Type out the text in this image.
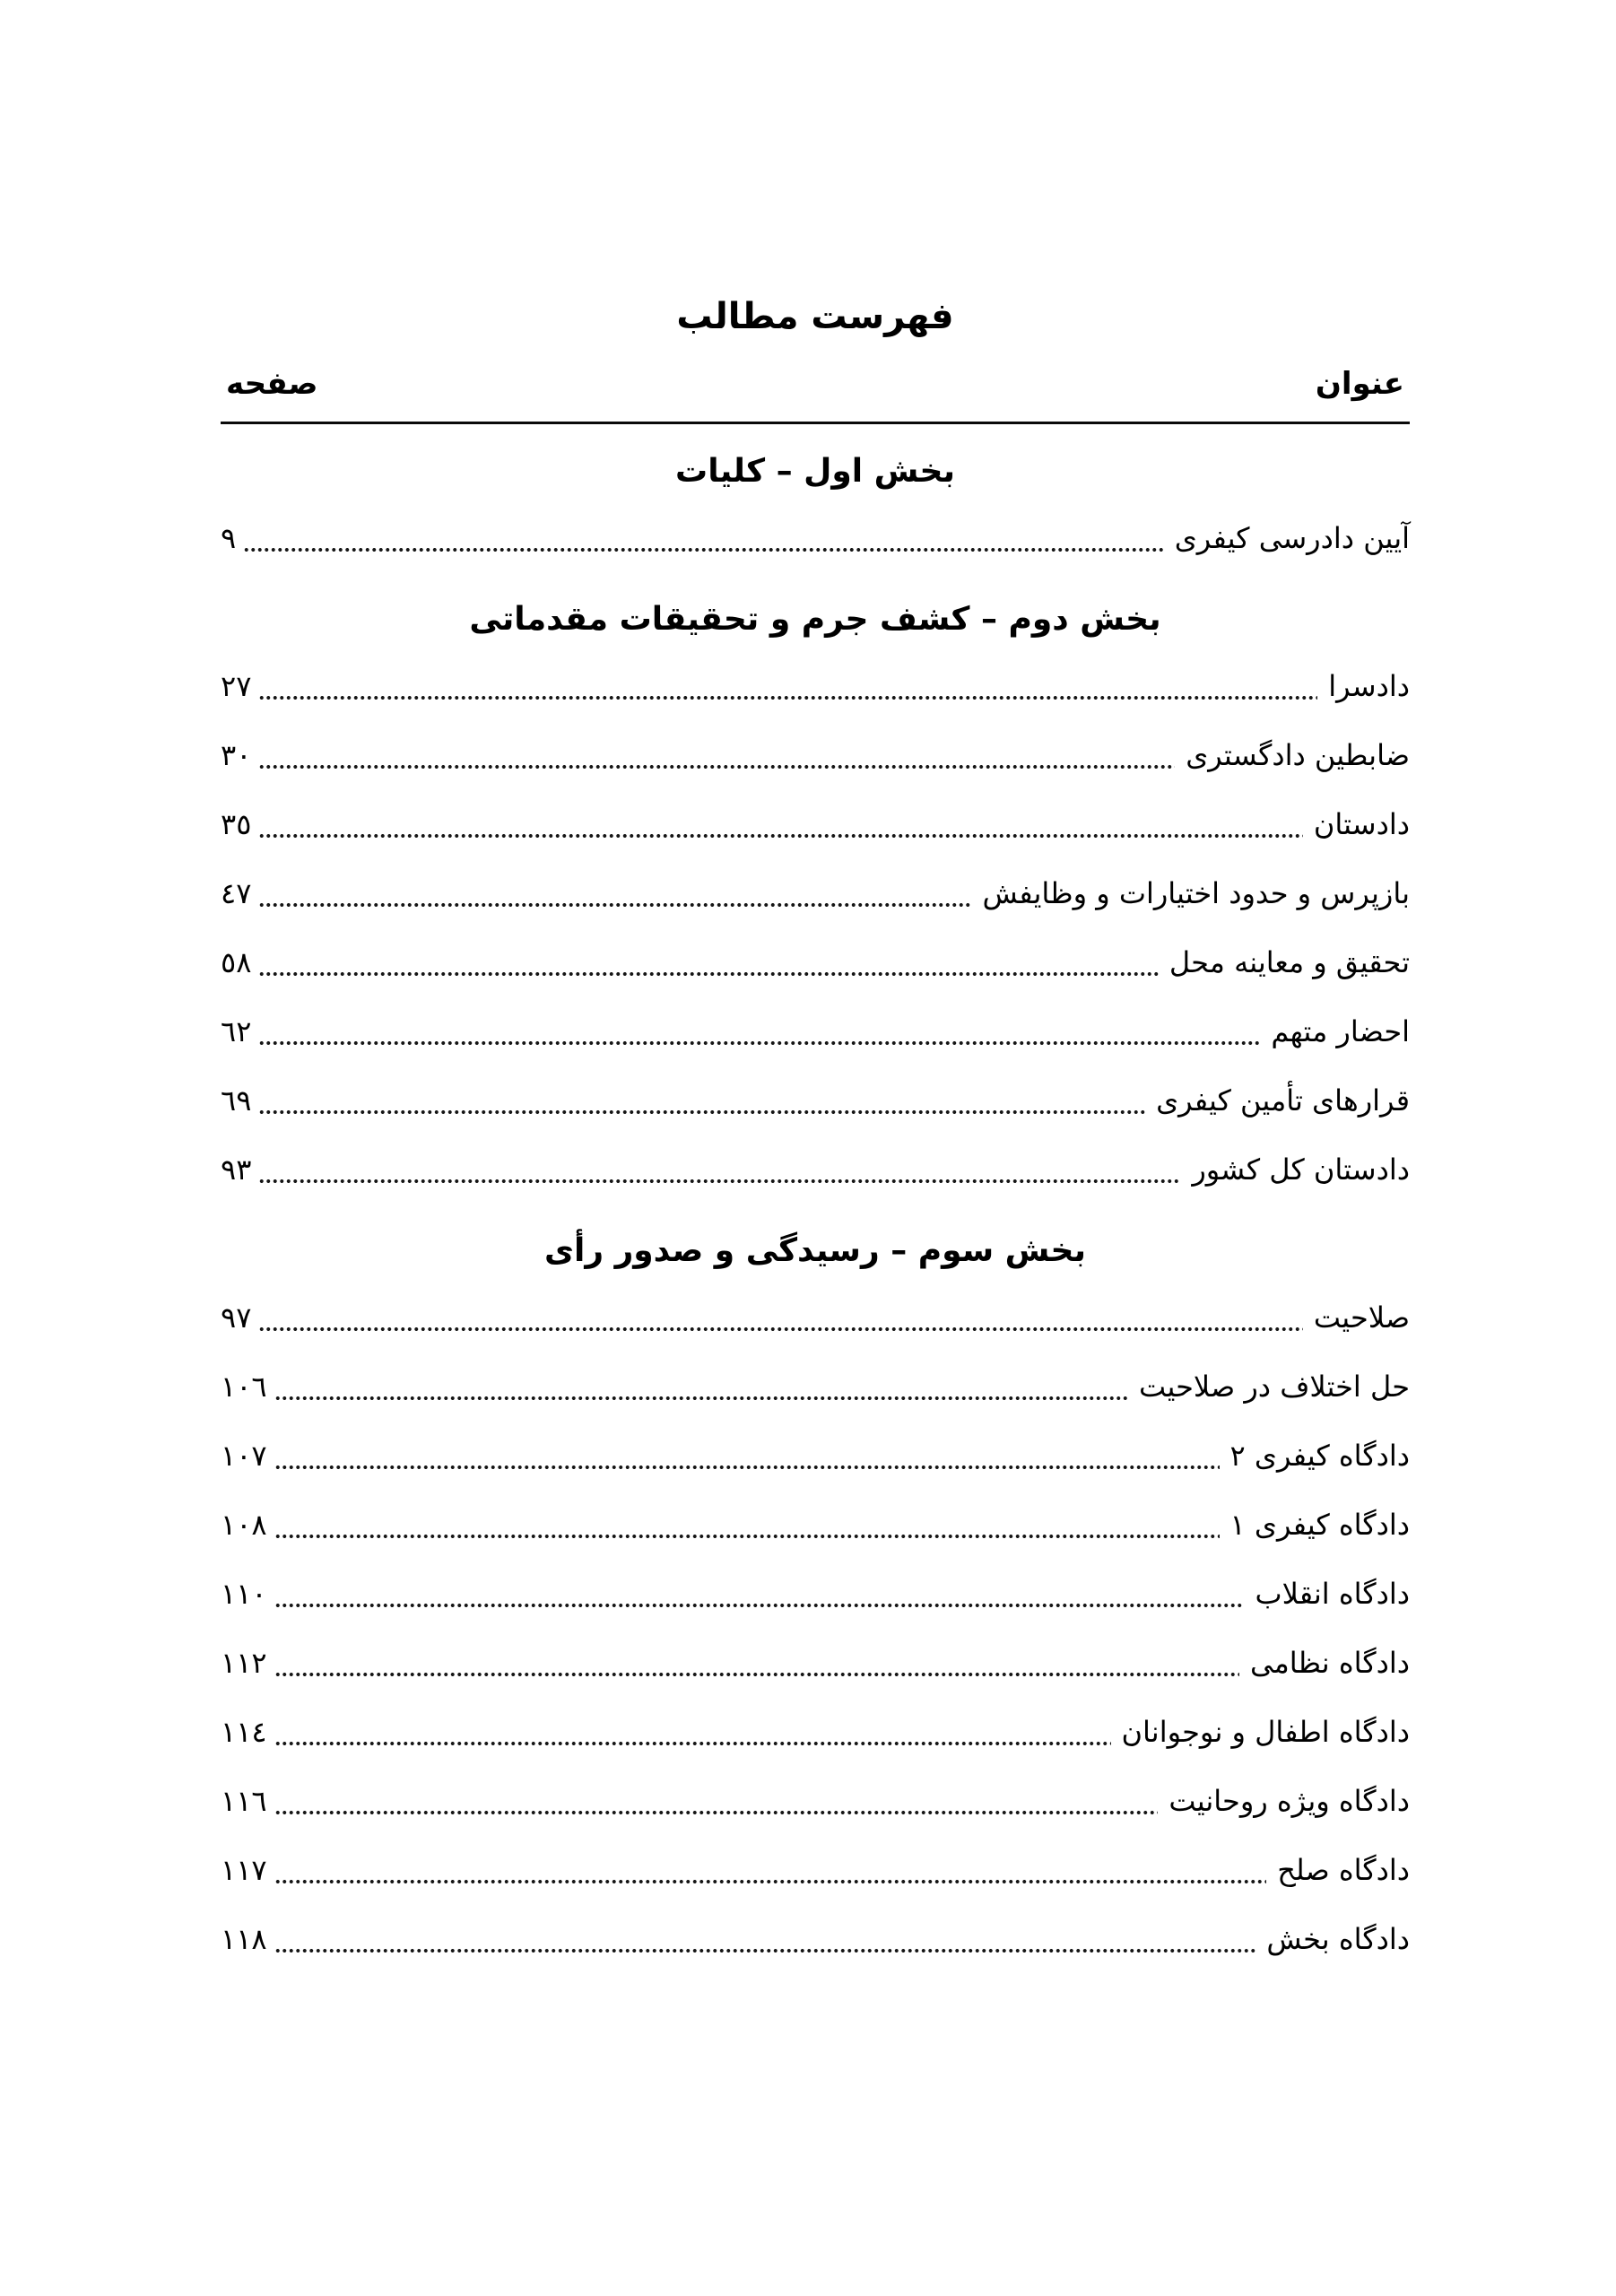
فهرست مطالب
عنوان
صفحه
بخش اول – کلیات
آیین دادرسی کیفری
٩
بخش دوم – کشف جرم و تحقیقات مقدماتی
دادسرا
٢٧
ضابطین دادگستری
٣٠
دادستان
٣٥
بازپرس و حدود اختیارات و وظایفش
٤٧
تحقیق و معاینه محل
٥٨
احضار متهم
٦٢
قرارهای تأمین کیفری
٦٩
دادستان کل کشور
٩٣
بخش سوم – رسیدگی و صدور رأی
صلاحیت
٩٧
حل اختلاف در صلاحیت
١٠٦
دادگاه کیفری ٢
١٠٧
دادگاه کیفری ١
١٠٨
دادگاه انقلاب
١١٠
دادگاه نظامی
١١٢
دادگاه اطفال و نوجوانان
١١٤
دادگاه ویژه روحانیت
١١٦
دادگاه صلح
١١٧
دادگاه بخش
١١٨
